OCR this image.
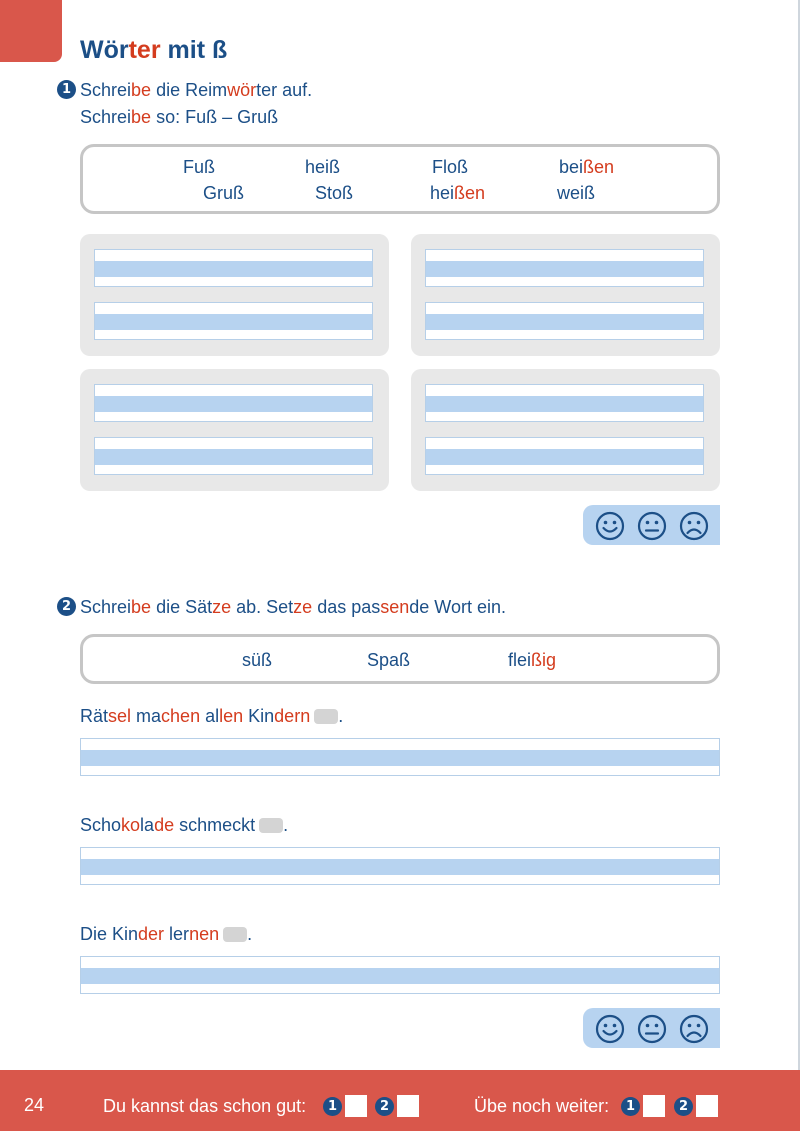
Wörter mit ß
1 Schreibe die Reimwörter auf.
Schreibe so: Fuß – Gruß
Fuß	heiß	Floß	beißen
Gruß	Stoß	heißen	weiß
2 Schreibe die Sätze ab. Setze das passende Wort ein.
süß	Spaß	fleißig
Rätsel machen allen Kindern .
Schokolade schmeckt .
Die Kinder lernen .
24	Du kannst das schon gut:	1	2	Übe noch weiter:	1	2
